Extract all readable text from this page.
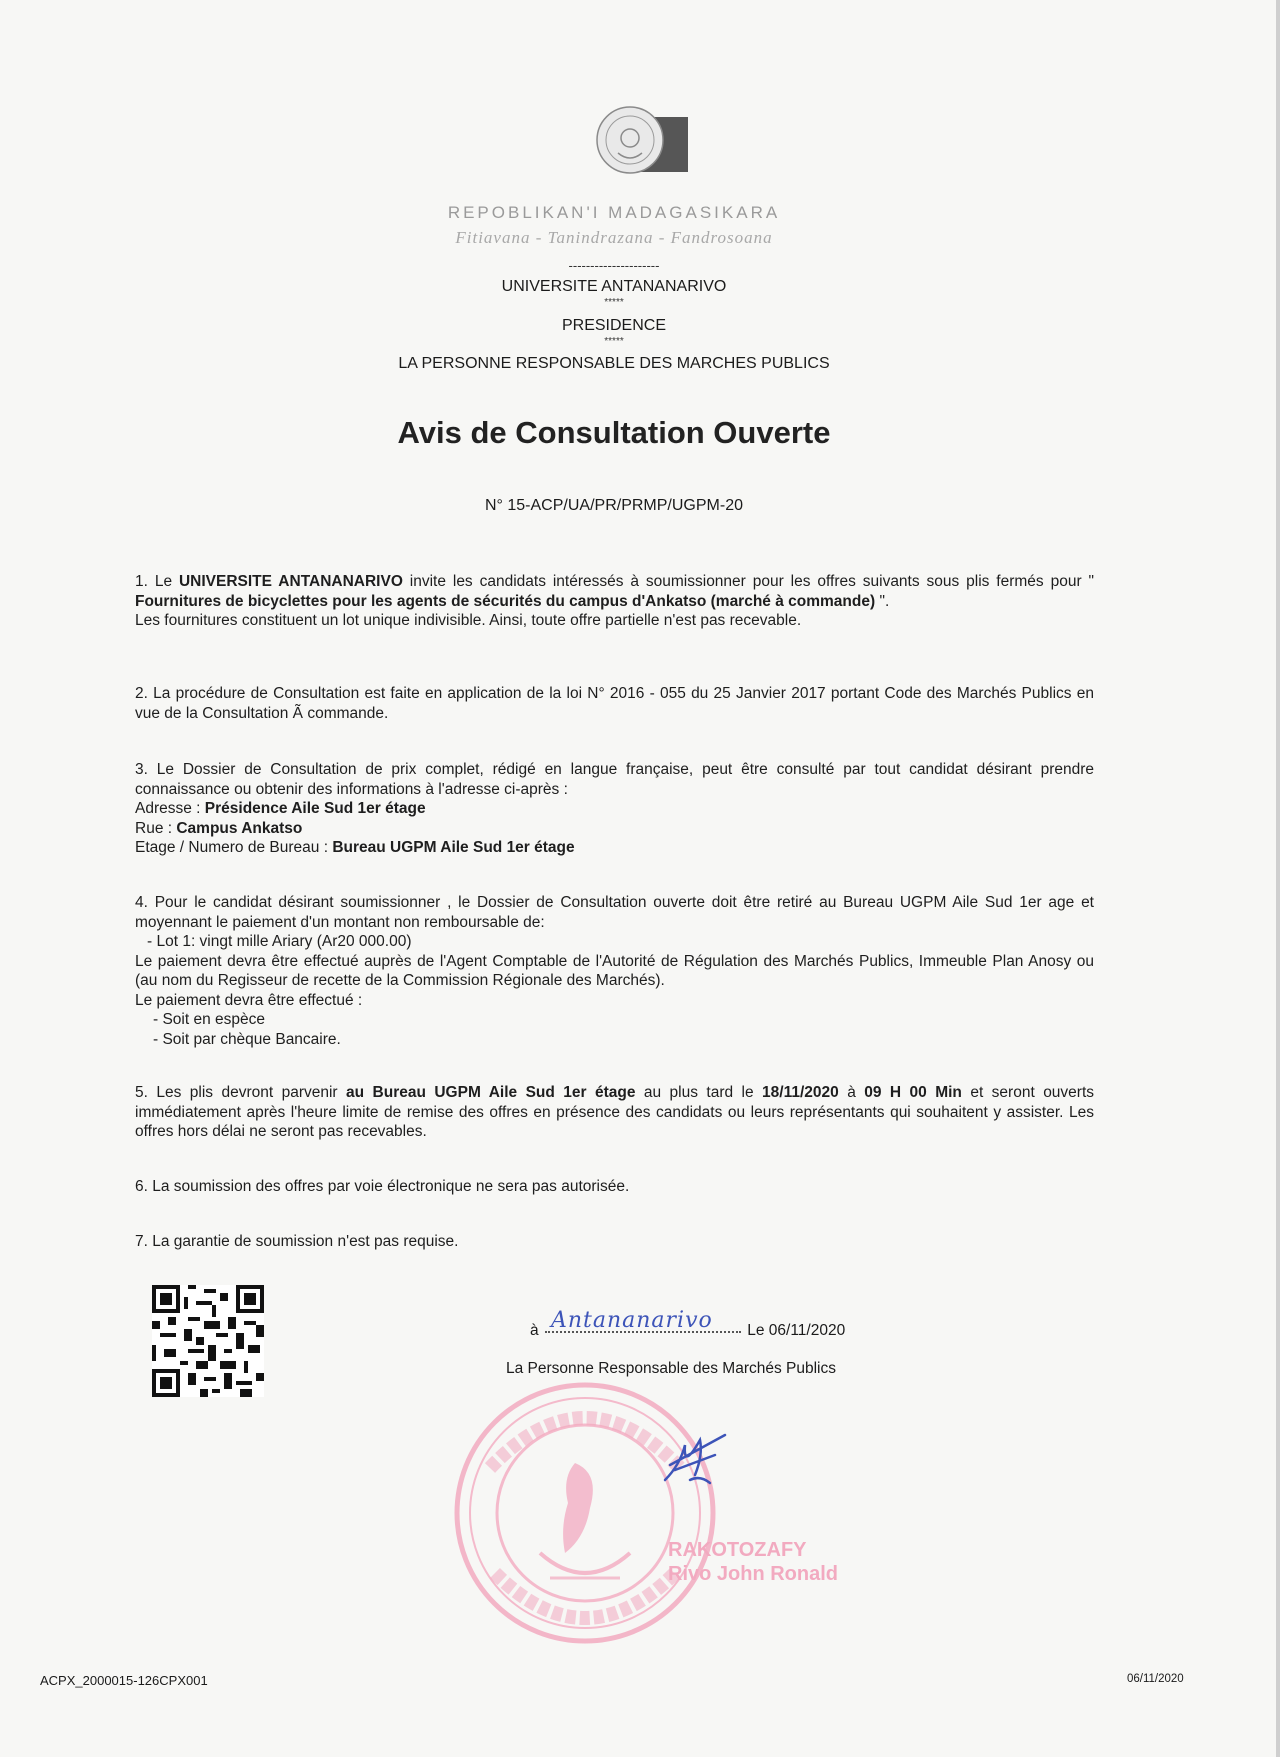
REPOBLIKAN'I MADAGASIKARA
Fitiavana - Tanindrazana - Fandrosoana
---------------------
UNIVERSITE ANTANANARIVO
*****
PRESIDENCE
*****
LA PERSONNE RESPONSABLE DES MARCHES PUBLICS
Avis de Consultation Ouverte
N° 15-ACP/UA/PR/PRMP/UGPM-20

1. Le UNIVERSITE ANTANANARIVO invite les candidats intéressés à soumissionner pour les offres suivants sous plis fermés pour " Fournitures de bicyclettes pour les agents de sécurités du campus d'Ankatso (marché à commande) ".

Les fournitures constituent un lot unique indivisible. Ainsi, toute offre partielle n'est pas recevable.

2. La procédure de Consultation est faite en application de la loi N° 2016 - 055 du 25 Janvier 2017 portant Code des Marchés Publics en vue de la Consultation Ã commande.

3. Le Dossier de Consultation de prix complet, rédigé en langue française, peut être consulté par tout candidat désirant prendre connaissance ou obtenir des informations à l'adresse ci-après :

Adresse : Présidence Aile Sud 1er étage

Rue : Campus Ankatso

Etage / Numero de Bureau : Bureau UGPM Aile Sud 1er étage

4. Pour le candidat désirant soumissionner , le Dossier de Consultation ouverte doit être retiré au Bureau UGPM Aile Sud 1er age et moyennant le paiement d'un montant non remboursable de:

- Lot 1: vingt mille Ariary (Ar20 000.00)

Le paiement devra être effectué auprès de l'Agent Comptable de l'Autorité de Régulation des Marchés Publics, Immeuble Plan Anosy ou (au nom du Regisseur de recette de la Commission Régionale des Marchés).

Le paiement devra être effectué :

- Soit en espèce

- Soit par chèque Bancaire.

5. Les plis devront parvenir au Bureau UGPM Aile Sud 1er étage au plus tard le 18/11/2020 à 09 H 00 Min et seront ouverts immédiatement après l'heure limite de remise des offres en présence des candidats ou leurs représentants qui souhaitent y assister. Les offres hors délai ne seront pas recevables.

6. La soumission des offres par voie électronique ne sera pas autorisée.

7. La garantie de soumission n'est pas requise.

à Antananarivo Le 06/11/2020
La Personne Responsable des Marchés Publics
RAKOTOZAFY
Rivo John Ronald
ACPX_2000015-126CPX001	06/11/2020
